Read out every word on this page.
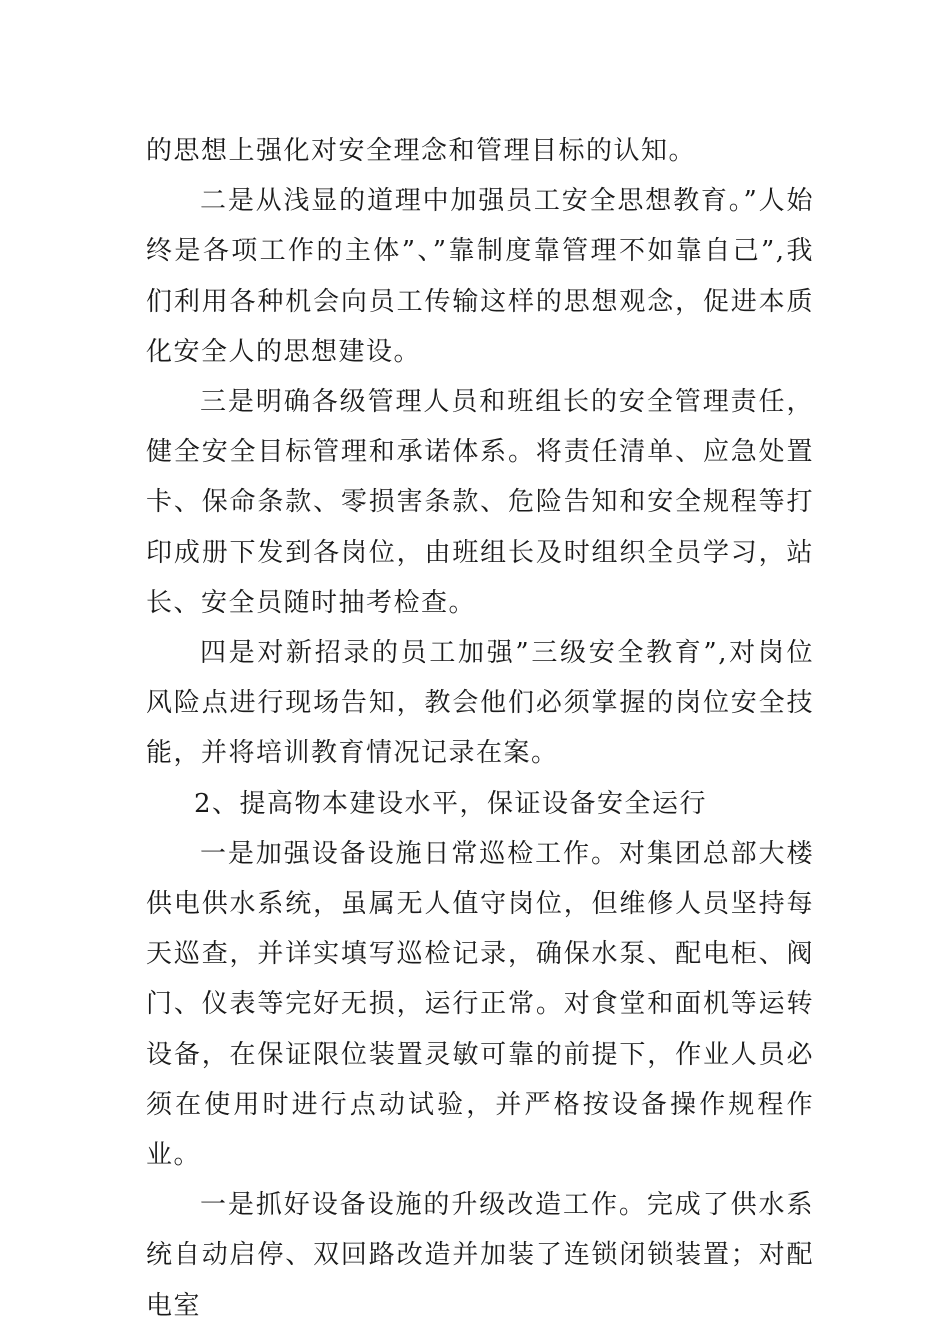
的思想上强化对安全理念和管理目标的认知。

二是从浅显的道理中加强员工安全思想教育。”人始终是各项工作的主体”、”靠制度靠管理不如靠自己”,我们利用各种机会向员工传输这样的思想观念，促进本质化安全人的思想建设。

三是明确各级管理人员和班组长的安全管理责任，健全安全目标管理和承诺体系。将责任清单、应急处置卡、保命条款、零损害条款、危险告知和安全规程等打印成册下发到各岗位，由班组长及时组织全员学习，站长、安全员随时抽考检查。

四是对新招录的员工加强”三级安全教育”,对岗位风险点进行现场告知，教会他们必须掌握的岗位安全技能，并将培训教育情况记录在案。

2、提高物本建设水平，保证设备安全运行

一是加强设备设施日常巡检工作。对集团总部大楼供电供水系统，虽属无人值守岗位，但维修人员坚持每天巡查，并详实填写巡检记录，确保水泵、配电柜、阀门、仪表等完好无损，运行正常。对食堂和面机等运转设备，在保证限位装置灵敏可靠的前提下，作业人员必须在使用时进行点动试验，并严格按设备操作规程作业。

一是抓好设备设施的升级改造工作。完成了供水系统自动启停、双回路改造并加装了连锁闭锁装置；对配电室
